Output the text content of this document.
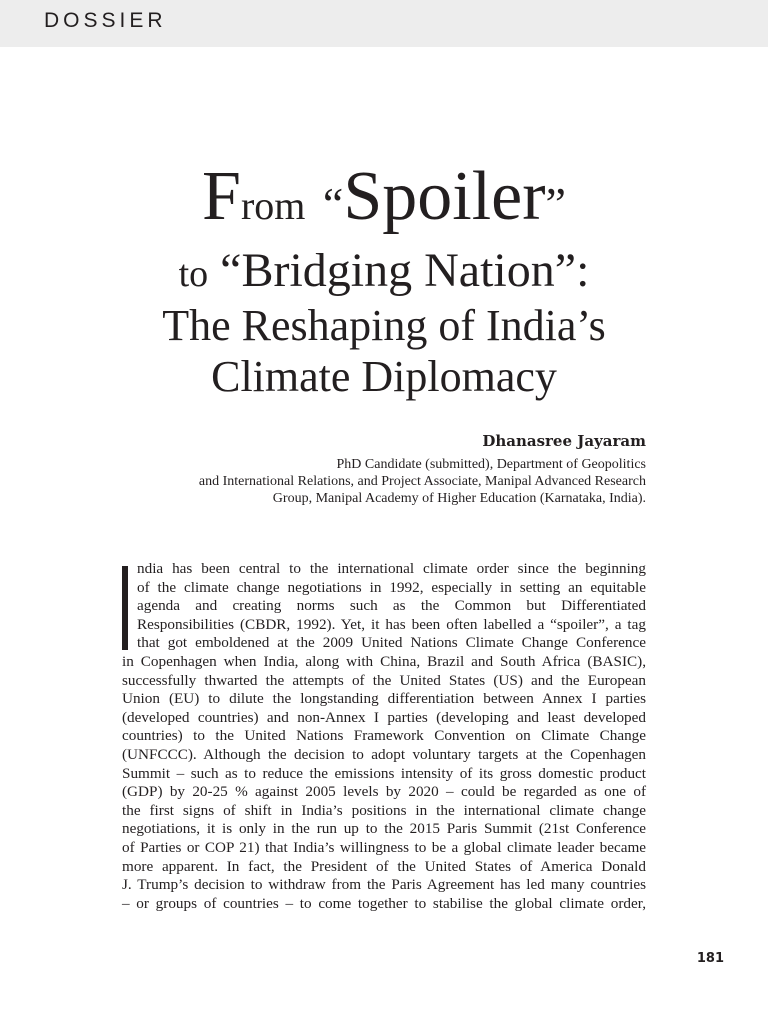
DOSSIER
From “Spoiler”
to “Bridging Nation”:
The Reshaping of India’s
Climate Diplomacy
Dhanasree Jayaram
PhD Candidate (submitted), Department of Geopolitics
and International Relations, and Project Associate, Manipal Advanced Research
Group, Manipal Academy of Higher Education (Karnataka, India).
ndia has been central to the international climate order since the beginning
of the climate change negotiations in 1992, especially in setting an equitable
agenda and creating norms such as the Common but Differentiated
Responsibilities (CBDR, 1992). Yet, it has been often labelled a “spoiler”, a tag
that got emboldened at the 2009 United Nations Climate Change Conference
in Copenhagen when India, along with China, Brazil and South Africa (BASIC),
successfully thwarted the attempts of the United States (US) and the European
Union (EU) to dilute the longstanding differentiation between Annex I parties
(developed countries) and non-Annex I parties (developing and least developed
countries) to the United Nations Framework Convention on Climate Change
(UNFCCC). Although the decision to adopt voluntary targets at the Copenhagen
Summit – such as to reduce the emissions intensity of its gross domestic product
(GDP) by 20-25 % against 2005 levels by 2020 – could be regarded as one of
the first signs of shift in India’s positions in the international climate change
negotiations, it is only in the run up to the 2015 Paris Summit (21st Conference
of Parties or COP 21) that India’s willingness to be a global climate leader became
more apparent. In fact, the President of the United States of America Donald
J. Trump’s decision to withdraw from the Paris Agreement has led many countries
– or groups of countries – to come together to stabilise the global climate order,
181
